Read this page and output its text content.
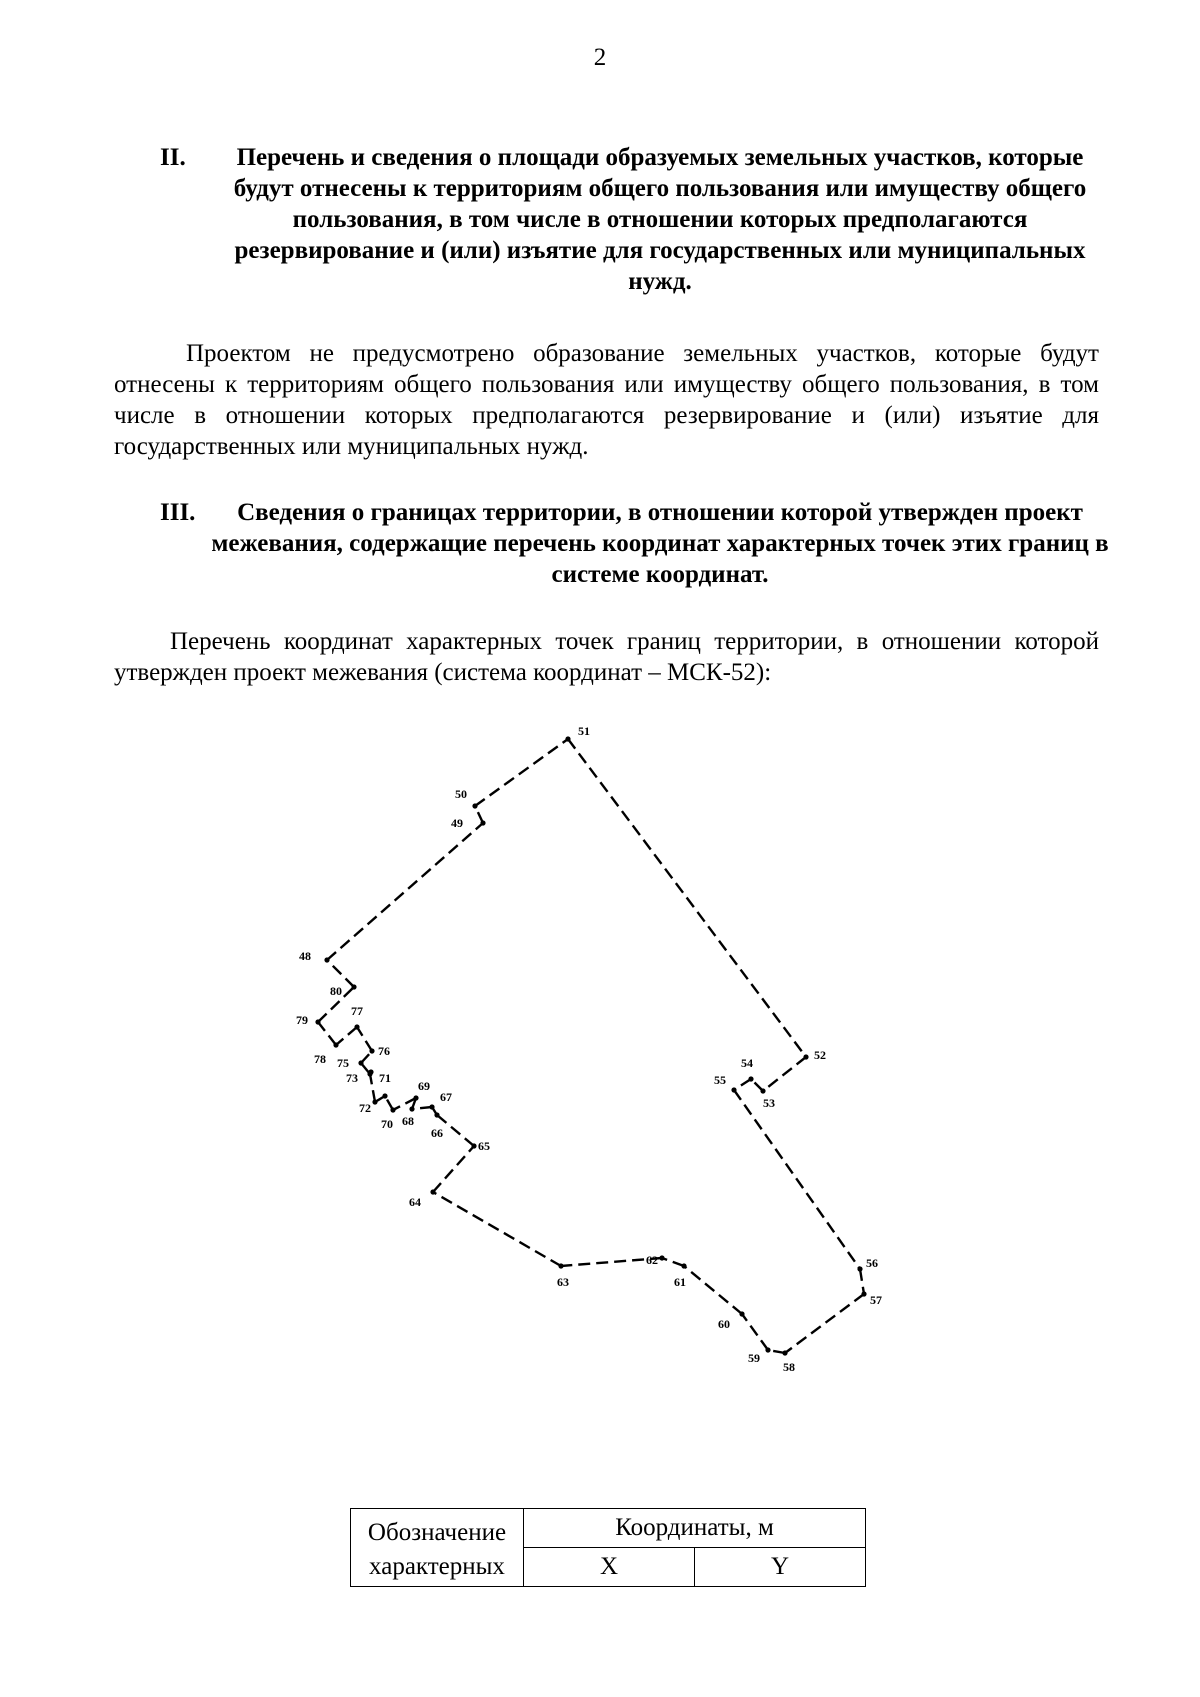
2
II.	Перечень и сведения о площади образуемых земельных участков, которые будут отнесены к территориям общего пользования или имуществу общего пользования, в том числе в отношении которых предполагаются резервирование и (или) изъятие для государственных или муниципальных нужд.
Проектом не предусмотрено образование земельных участков, которые будут отнесены к территориям общего пользования или имуществу общего пользования, в том числе в отношении которых предполагаются резервирование и (или) изъятие для государственных или муниципальных нужд.
III.	Сведения о границах территории, в отношении которой утвержден проект межевания, содержащие перечень координат характерных точек этих границ в системе координат.
Перечень координат характерных точек границ территории, в отношении которой утвержден проект межевания (система координат – МСК-52):
48
49
50
51
52
53
54
55
56
57
58
59
60
61
62
63
64
65
66
67
68
69
70
71
72
73
75
76
77
78
79
80
Обозначение характерных	Координаты, м	
	X	Y
